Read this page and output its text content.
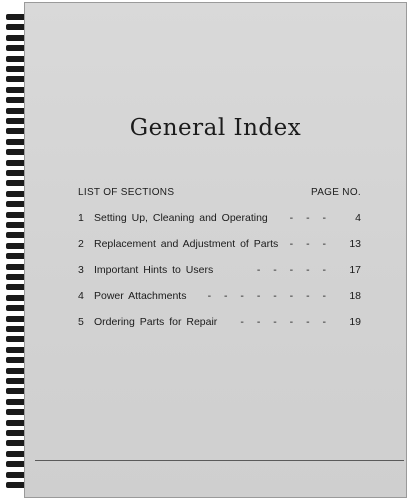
General Index
LIST OF SECTIONS	PAGE NO.
1 Setting Up, Cleaning and Operating	- - -	4
2 Replacement and Adjustment of Parts	- - -	13
3 Important Hints to Users	- - - - -	17
4 Power Attachments	- - - - - - - -	18
5 Ordering Parts for Repair	- - - - - -	19
